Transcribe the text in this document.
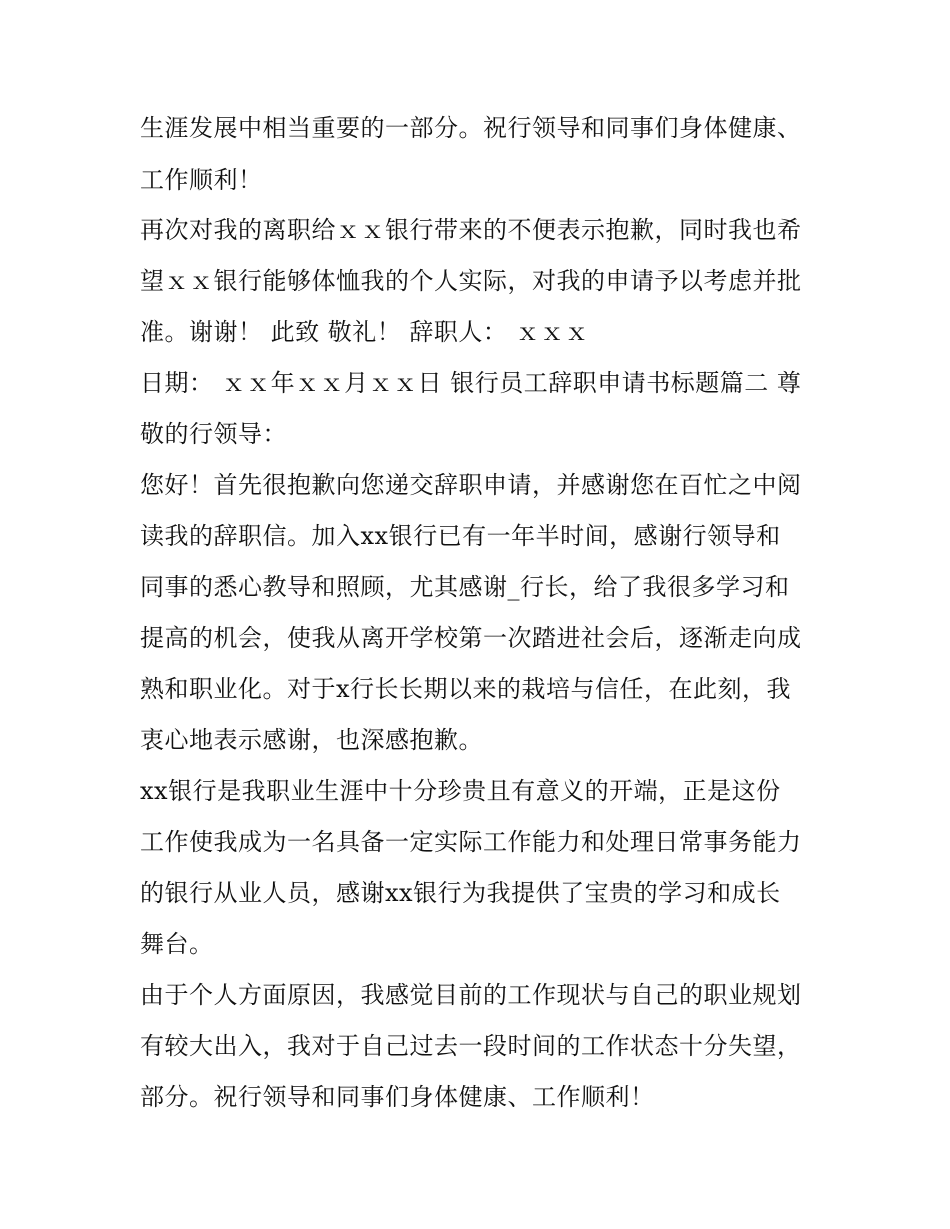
生涯发展中相当重要的一部分。祝行领导和同事们身体健康、
工作顺利！
再次对我的离职给ｘｘ银行带来的不便表示抱歉，同时我也希
望ｘｘ银行能够体恤我的个人实际，对我的申请予以考虑并批
准。谢谢！ 此致 敬礼！ 辞职人： ｘｘｘ
日期： ｘｘ年ｘｘ月ｘｘ日 银行员工辞职申请书标题篇二 尊
敬的行领导：
您好！首先很抱歉向您递交辞职申请，并感谢您在百忙之中阅
读我的辞职信。加入xx银行已有一年半时间，感谢行领导和
同事的悉心教导和照顾，尤其感谢_行长，给了我很多学习和
提高的机会，使我从离开学校第一次踏进社会后，逐渐走向成
熟和职业化。对于x行长长期以来的栽培与信任，在此刻，我
衷心地表示感谢，也深感抱歉。
xx银行是我职业生涯中十分珍贵且有意义的开端，正是这份
工作使我成为一名具备一定实际工作能力和处理日常事务能力
的银行从业人员，感谢xx银行为我提供了宝贵的学习和成长
舞台。
由于个人方面原因，我感觉目前的工作现状与自己的职业规划
有较大出入，我对于自己过去一段时间的工作状态十分失望，
部分。祝行领导和同事们身体健康、工作顺利！
